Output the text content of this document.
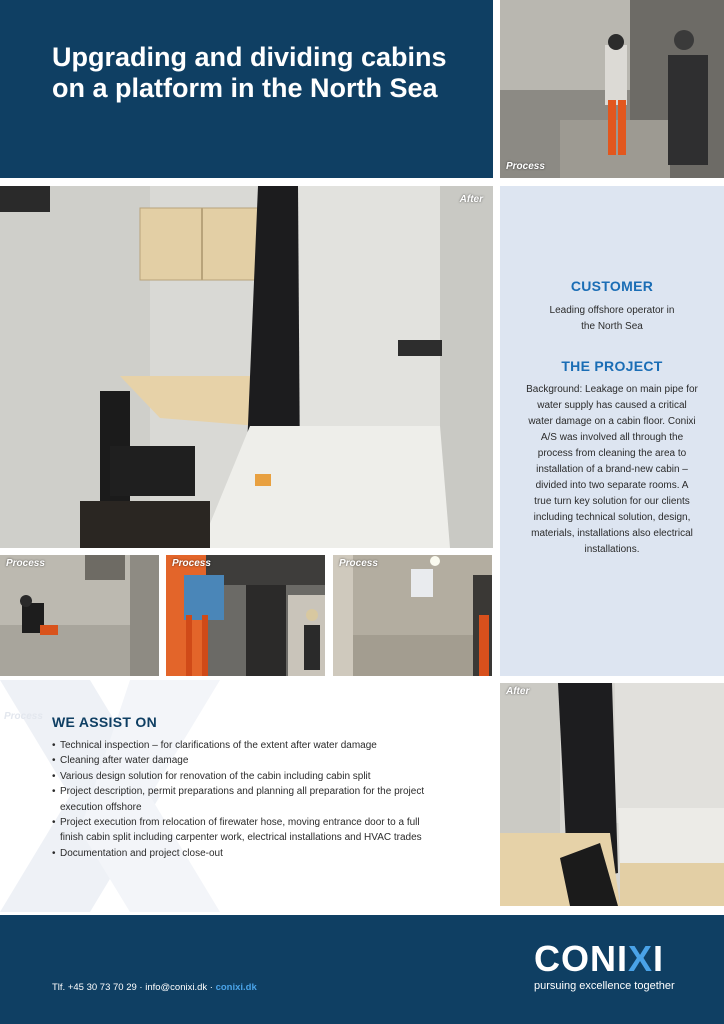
Upgrading and dividing cabins on a platform in the North Sea
Process
After
CUSTOMER

Leading offshore operator in the North Sea

THE PROJECT

Background: Leakage on main pipe for water supply has caused a critical water damage on a cabin floor. Conixi A/S was involved all through the process from cleaning the area to installation of a brand-new cabin – divided into two separate rooms. A true turn key solution for our clients including technical solution, design, materials, installations also electrical installations.

Process	Process	Process
Process WE ASSIST ON
• Technical inspection – for clarifications of the extent after water damage
• Cleaning after water damage
• Various design solution for renovation of the cabin including cabin split
• Project description, permit preparations and planning all preparation for the project execution offshore
• Project execution from relocation of firewater hose, moving entrance door to a full finish cabin split including carpenter work, electrical installations and HVAC trades
• Documentation and project close-out
After
Tlf. +45 30 73 70 29 · info@conixi.dk · conixi.dk
CONIXI
pursuing excellence together
